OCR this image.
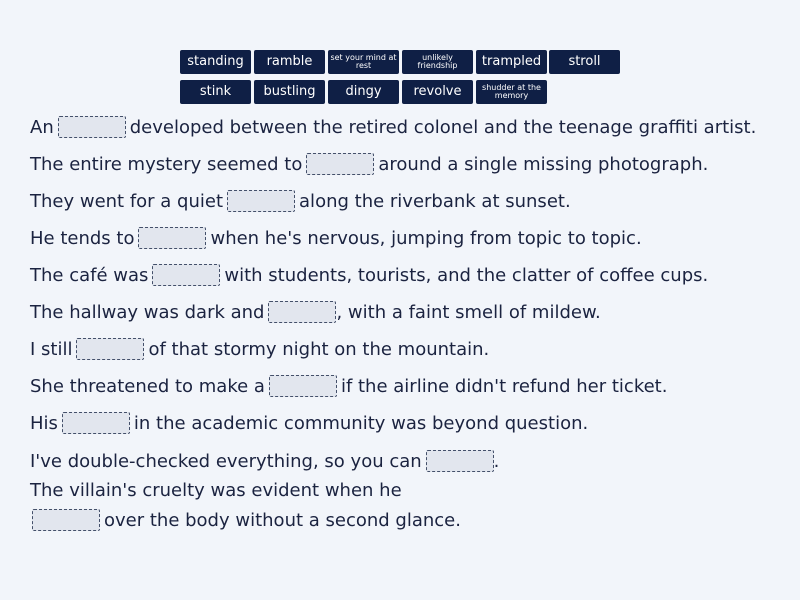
standing	ramble	set your mind at rest
unlikely friendship	trampled	stroll
stink	bustling	dingy	revolve	shudder at the memory
An	developed between the retired colonel and the teenage graffiti artist.
The entire mystery seemed to	around a single missing photograph.
They went for a quiet	along the riverbank at sunset.
He tends to	when he's nervous, jumping from topic to topic.
The café was	with students, tourists, and the clatter of coffee cups.
The hallway was dark and	, with a faint smell of mildew.
I still	of that stormy night on the mountain.
She threatened to make a	if the airline didn't refund her ticket.
His	in the academic community was beyond question.
I've double-checked everything, so you can	.
The villain's cruelty was evident when he
over the body without a second glance.
